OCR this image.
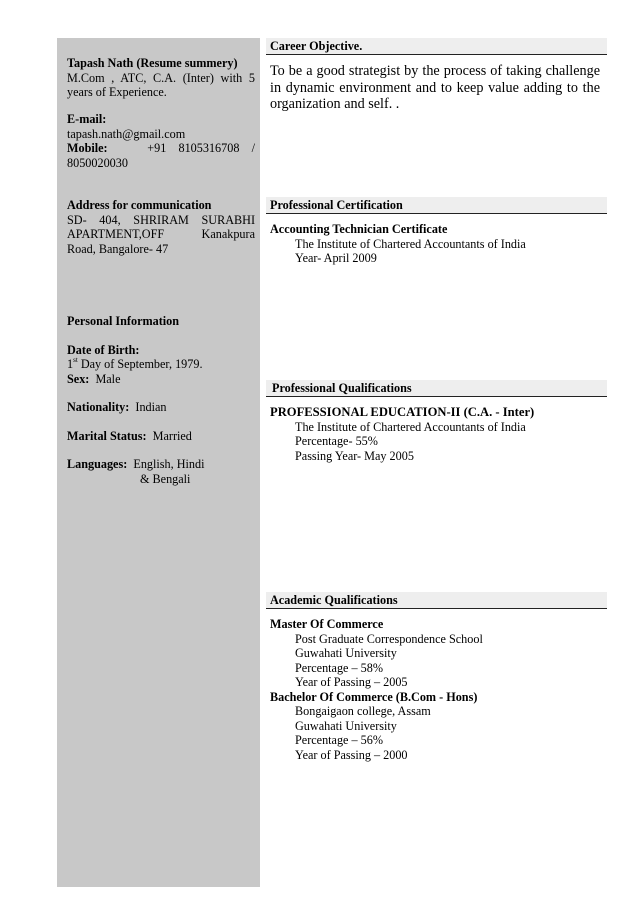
Tapash Nath (Resume summery)
M.Com , ATC, C.A. (Inter) with 5 years of Experience.
E-mail:
tapash.nath@gmail.com
Mobile:	+91    8105316708    /
8050020030
Address for communication
SD- 404, SHRIRAM SURABHI
APARTMENT,OFF    Kanakpura
Road, Bangalore- 47
Personal Information
Date of Birth:
1st Day of September, 1979.
Sex: Male
Nationality: Indian
Marital Status: Married
Languages: English, Hindi
& Bengali
Career Objective.
To be a good strategist by the process of taking challenge in dynamic environment and to keep value adding to the organization and self. .
Professional Certification
Accounting Technician Certificate
The Institute of Chartered Accountants of India
Year- April 2009
Professional Qualifications
PROFESSIONAL EDUCATION-II (C.A. - Inter)
The Institute of Chartered Accountants of India
Percentage- 55%
Passing Year- May 2005
Academic Qualifications
Master Of Commerce
Post Graduate Correspondence School
Guwahati University
Percentage – 58%
Year of Passing – 2005
Bachelor Of Commerce (B.Com - Hons)
Bongaigaon college, Assam
Guwahati University
Percentage – 56%
Year of Passing – 2000
